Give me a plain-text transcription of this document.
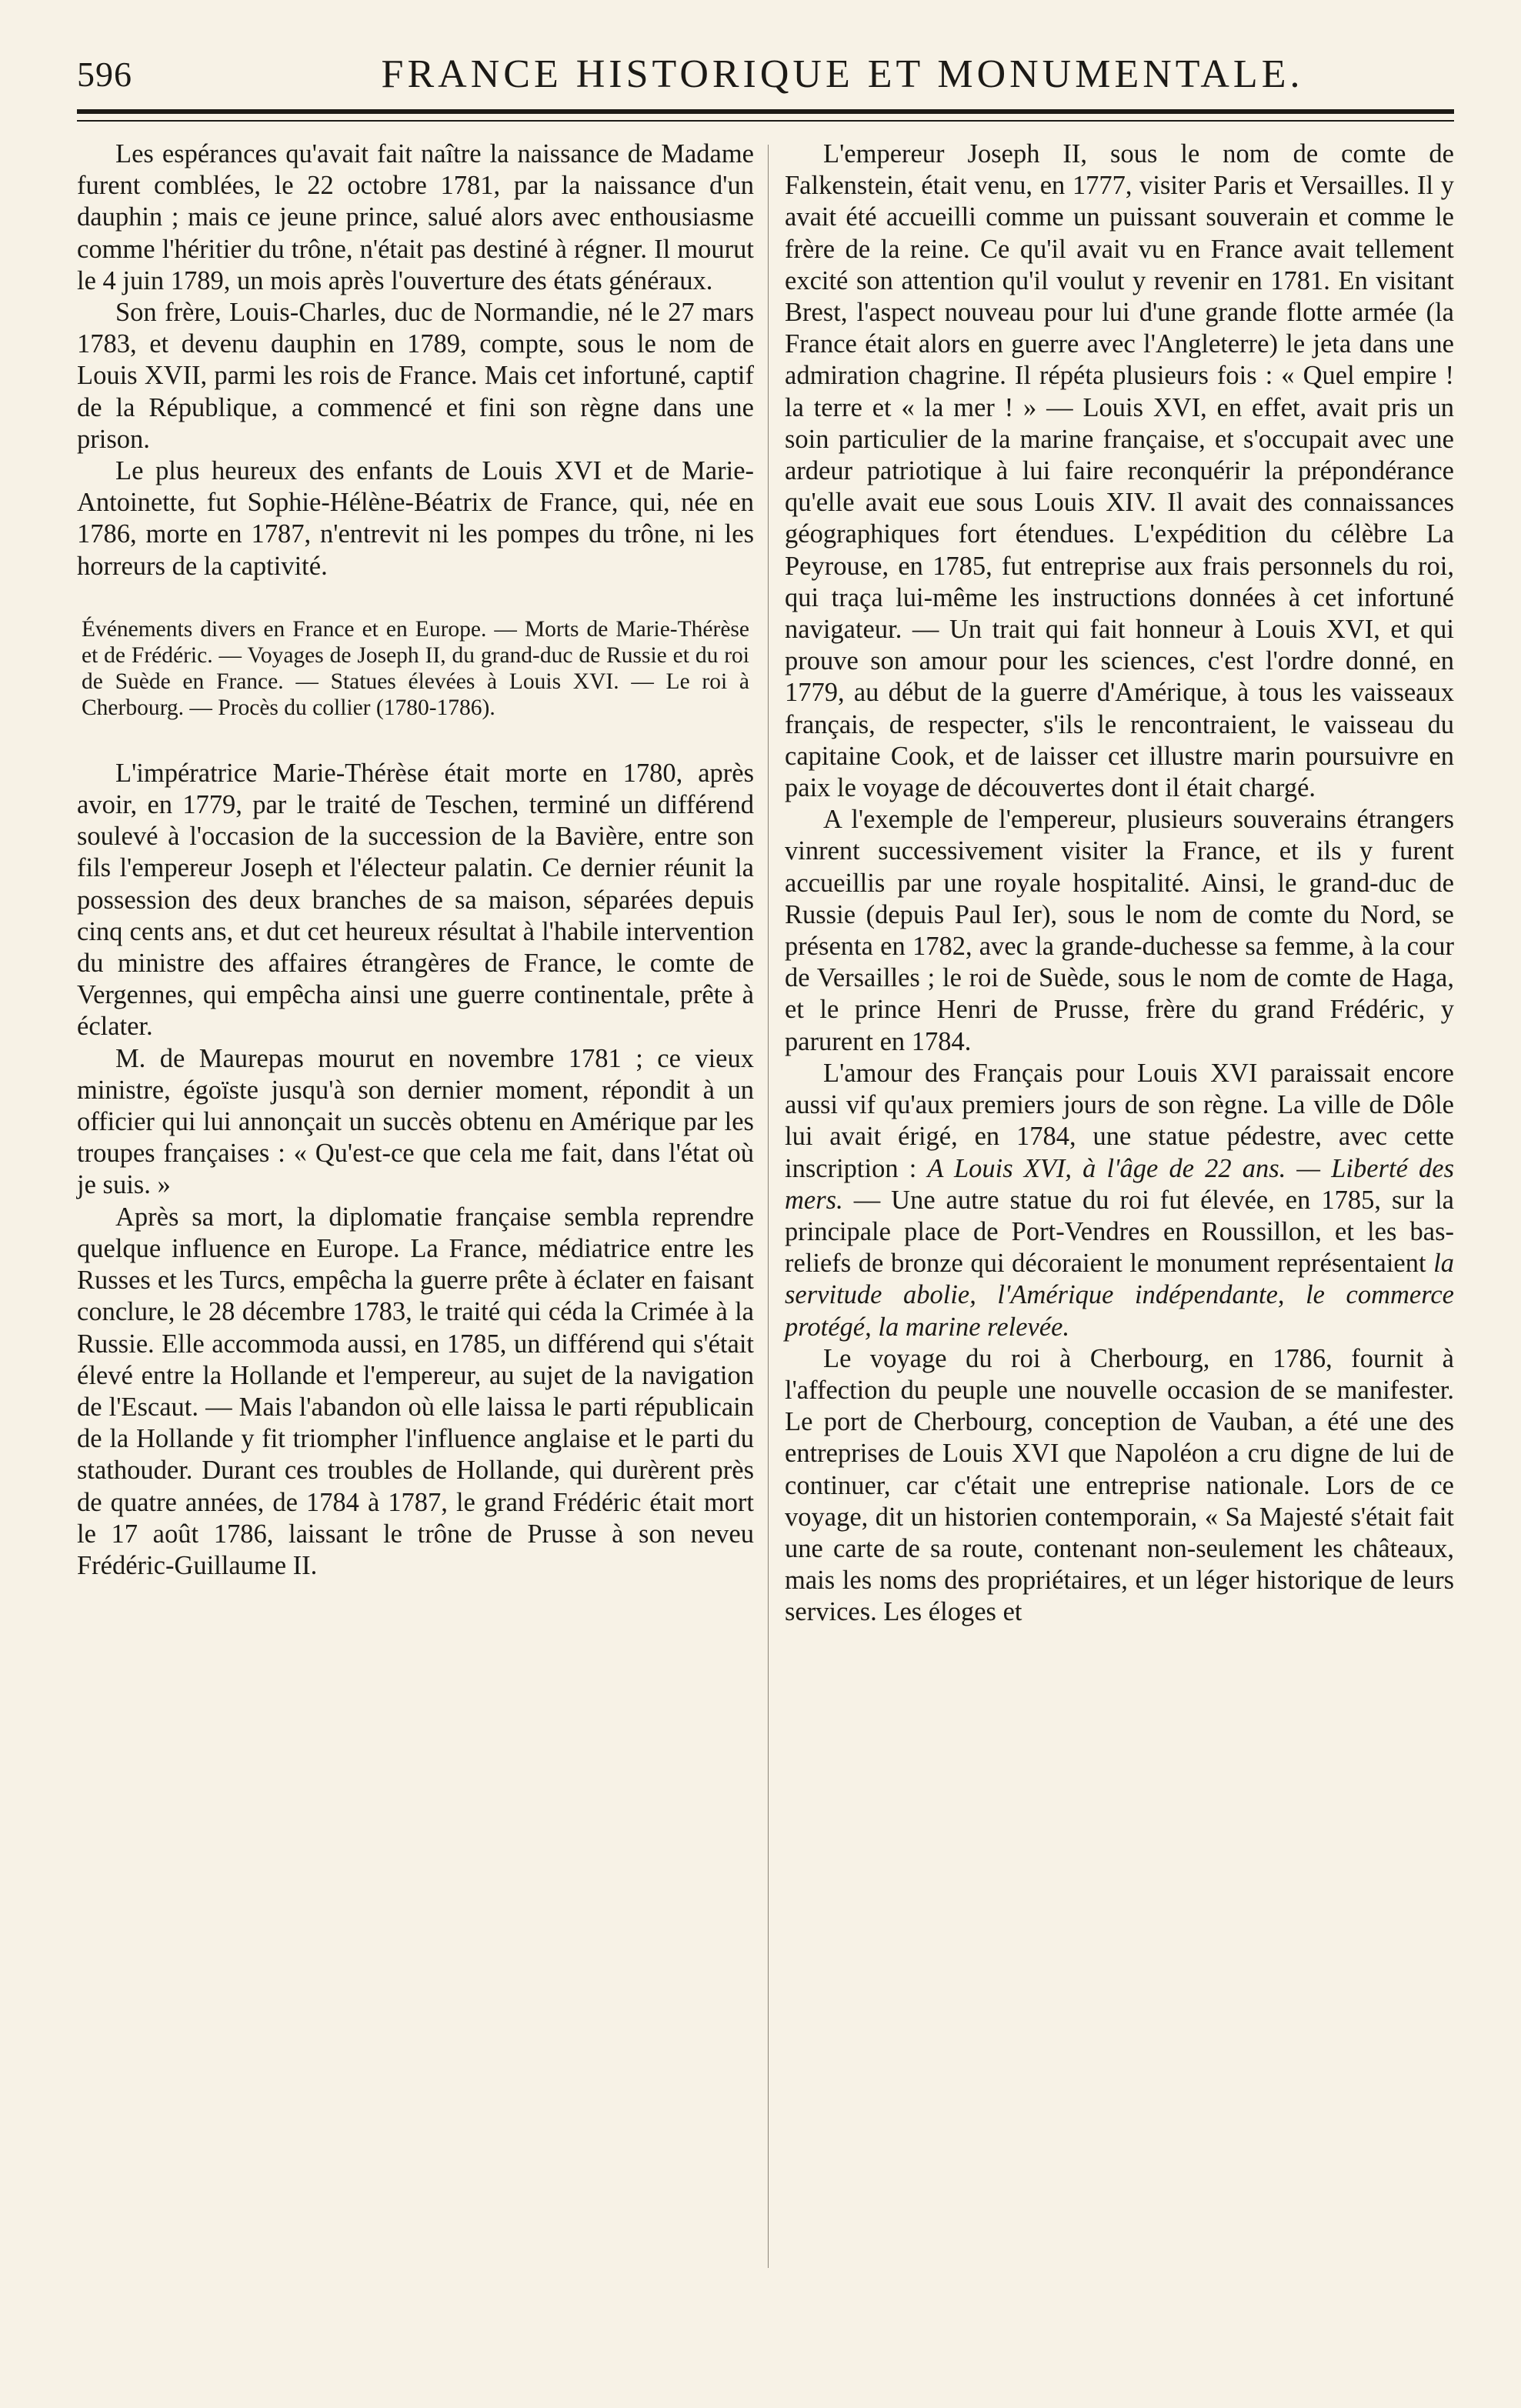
596	FRANCE HISTORIQUE ET MONUMENTALE.

Les espérances qu'avait fait naître la naissance de Madame furent comblées, le 22 octobre 1781, par la naissance d'un dauphin ; mais ce jeune prince, salué alors avec enthousiasme comme l'héritier du trône, n'était pas destiné à régner. Il mourut le 4 juin 1789, un mois après l'ouverture des états généraux.

Son frère, Louis-Charles, duc de Normandie, né le 27 mars 1783, et devenu dauphin en 1789, compte, sous le nom de Louis XVII, parmi les rois de France. Mais cet infortuné, captif de la République, a commencé et fini son règne dans une prison.

Le plus heureux des enfants de Louis XVI et de Marie-Antoinette, fut Sophie-Hélène-Béatrix de France, qui, née en 1786, morte en 1787, n'entrevit ni les pompes du trône, ni les horreurs de la captivité.

Événements divers en France et en Europe. — Morts de Marie-Thérèse et de Frédéric. — Voyages de Joseph II, du grand-duc de Russie et du roi de Suède en France. — Statues élevées à Louis XVI. — Le roi à Cherbourg. — Procès du collier (1780-1786).

L'impératrice Marie-Thérèse était morte en 1780, après avoir, en 1779, par le traité de Teschen, terminé un différend soulevé à l'occasion de la succession de la Bavière, entre son fils l'empereur Joseph et l'électeur palatin. Ce dernier réunit la possession des deux branches de sa maison, séparées depuis cinq cents ans, et dut cet heureux résultat à l'habile intervention du ministre des affaires étrangères de France, le comte de Vergennes, qui empêcha ainsi une guerre continentale, prête à éclater.

M. de Maurepas mourut en novembre 1781 ; ce vieux ministre, égoïste jusqu'à son dernier moment, répondit à un officier qui lui annonçait un succès obtenu en Amérique par les troupes françaises : « Qu'est-ce que cela me fait, dans l'état où je suis. »

Après sa mort, la diplomatie française sembla reprendre quelque influence en Europe. La France, médiatrice entre les Russes et les Turcs, empêcha la guerre prête à éclater en faisant conclure, le 28 décembre 1783, le traité qui céda la Crimée à la Russie. Elle accommoda aussi, en 1785, un différend qui s'était élevé entre la Hollande et l'empereur, au sujet de la navigation de l'Escaut. — Mais l'abandon où elle laissa le parti républicain de la Hollande y fit triompher l'influence anglaise et le parti du stathouder. Durant ces troubles de Hollande, qui durèrent près de quatre années, de 1784 à 1787, le grand Frédéric était mort le 17 août 1786, laissant le trône de Prusse à son neveu Frédéric-Guillaume II.

L'empereur Joseph II, sous le nom de comte de Falkenstein, était venu, en 1777, visiter Paris et Versailles. Il y avait été accueilli comme un puissant souverain et comme le frère de la reine. Ce qu'il avait vu en France avait tellement excité son attention qu'il voulut y revenir en 1781. En visitant Brest, l'aspect nouveau pour lui d'une grande flotte armée (la France était alors en guerre avec l'Angleterre) le jeta dans une admiration chagrine. Il répéta plusieurs fois : « Quel empire ! la terre et « la mer ! » — Louis XVI, en effet, avait pris un soin particulier de la marine française, et s'occupait avec une ardeur patriotique à lui faire reconquérir la prépondérance qu'elle avait eue sous Louis XIV. Il avait des connaissances géographiques fort étendues. L'expédition du célèbre La Peyrouse, en 1785, fut entreprise aux frais personnels du roi, qui traça lui-même les instructions données à cet infortuné navigateur. — Un trait qui fait honneur à Louis XVI, et qui prouve son amour pour les sciences, c'est l'ordre donné, en 1779, au début de la guerre d'Amérique, à tous les vaisseaux français, de respecter, s'ils le rencontraient, le vaisseau du capitaine Cook, et de laisser cet illustre marin poursuivre en paix le voyage de découvertes dont il était chargé.

A l'exemple de l'empereur, plusieurs souverains étrangers vinrent successivement visiter la France, et ils y furent accueillis par une royale hospitalité. Ainsi, le grand-duc de Russie (depuis Paul Ier), sous le nom de comte du Nord, se présenta en 1782, avec la grande-duchesse sa femme, à la cour de Versailles ; le roi de Suède, sous le nom de comte de Haga, et le prince Henri de Prusse, frère du grand Frédéric, y parurent en 1784.

L'amour des Français pour Louis XVI paraissait encore aussi vif qu'aux premiers jours de son règne. La ville de Dôle lui avait érigé, en 1784, une statue pédestre, avec cette inscription : A Louis XVI, à l'âge de 22 ans. — Liberté des mers. — Une autre statue du roi fut élevée, en 1785, sur la principale place de Port-Vendres en Roussillon, et les bas-reliefs de bronze qui décoraient le monument représentaient la servitude abolie, l'Amérique indépendante, le commerce protégé, la marine relevée.

Le voyage du roi à Cherbourg, en 1786, fournit à l'affection du peuple une nouvelle occasion de se manifester. Le port de Cherbourg, conception de Vauban, a été une des entreprises de Louis XVI que Napoléon a cru digne de lui de continuer, car c'était une entreprise nationale. Lors de ce voyage, dit un historien contemporain, « Sa Majesté s'était fait une carte de sa route, contenant non-seulement les châteaux, mais les noms des propriétaires, et un léger historique de leurs services. Les éloges et
